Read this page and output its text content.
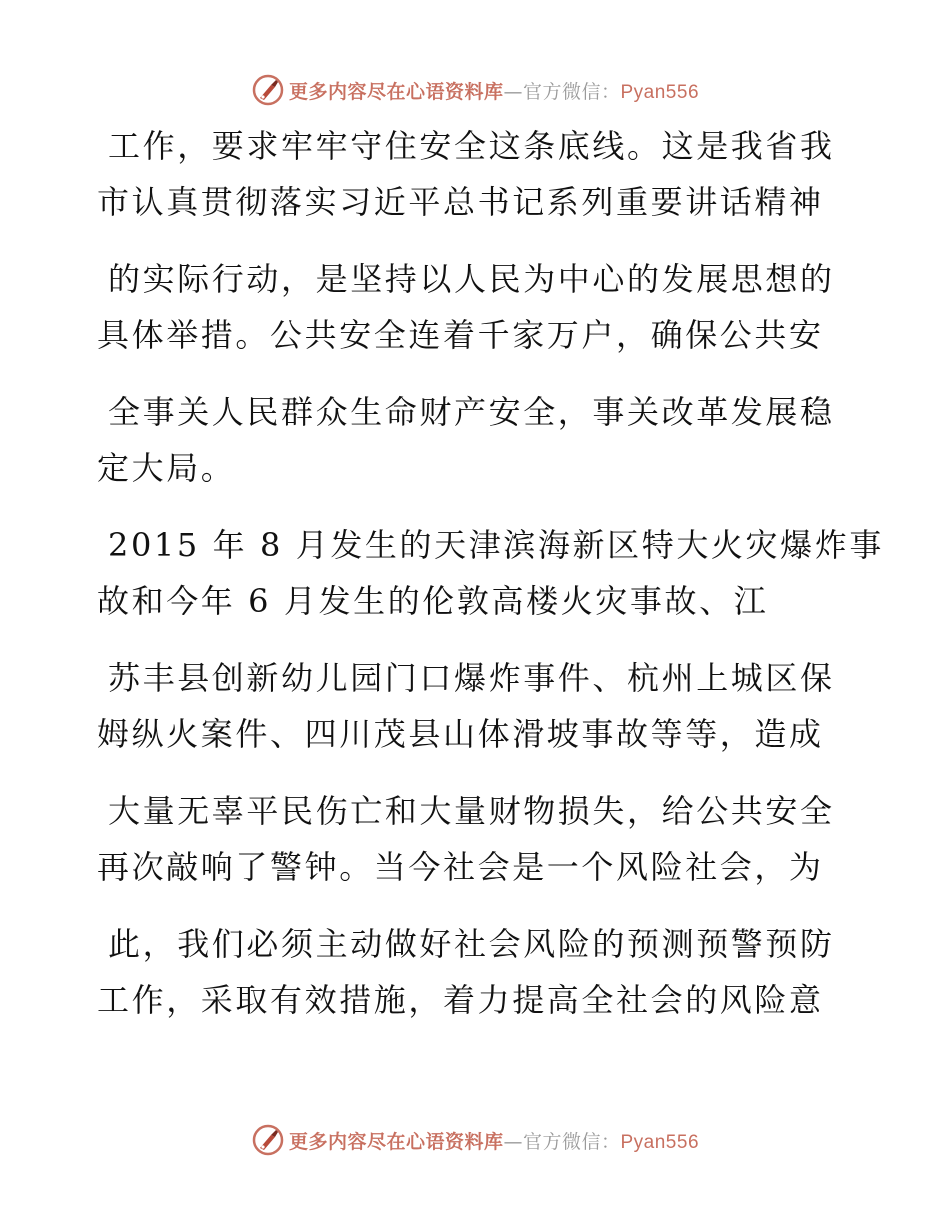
更多内容尽在心语资料库—官方微信：Pyan556
工作，要求牢牢守住安全这条底线。这是我省我
市认真贯彻落实习近平总书记系列重要讲话精神
的实际行动，是坚持以人民为中心的发展思想的
具体举措。公共安全连着千家万户，确保公共安
全事关人民群众生命财产安全，事关改革发展稳
定大局。
2015 年 8 月发生的天津滨海新区特大火灾爆炸事
故和今年 6 月发生的伦敦高楼火灾事故、江
苏丰县创新幼儿园门口爆炸事件、杭州上城区保
姆纵火案件、四川茂县山体滑坡事故等等，造成
大量无辜平民伤亡和大量财物损失，给公共安全
再次敲响了警钟。当今社会是一个风险社会，为
此，我们必须主动做好社会风险的预测预警预防
工作，采取有效措施，着力提高全社会的风险意
更多内容尽在心语资料库—官方微信：Pyan556
